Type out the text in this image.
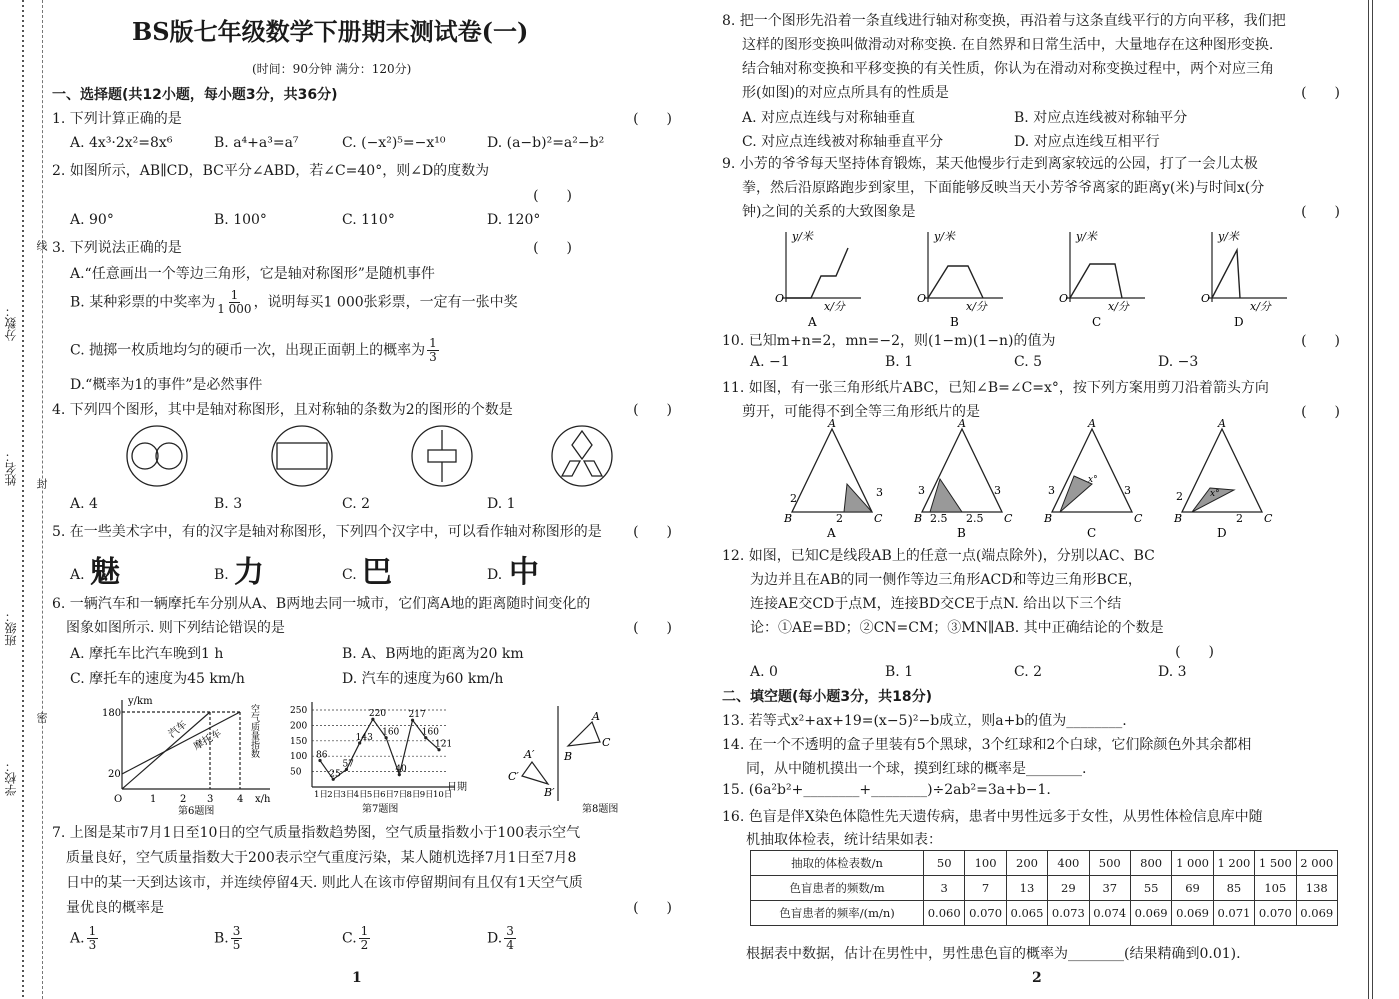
分数：
姓名：
班级：
学校：
线
封
密
BS版七年级数学下册期末测试卷(一)
(时间：90分钟 满分：120分)
一、选择题(共12小题，每小题3分，共36分)
1. 下列计算正确的是	(　　)
A. 4x³·2x²=8x⁶	B. a⁴+a³=a⁷	C. (−x²)⁵=−x¹⁰	D. (a−b)²=a²−b²
2. 如图所示，AB∥CD，BC平分∠ABD，若∠C=40°，则∠D的度数为
(　　)
A. 90°	B. 100°	C. 110°	D. 120°
3. 下列说法正确的是	(　　)
A.“任意画出一个等边三角形，它是轴对称图形”是随机事件
B. 某种彩票的中奖率为 $\frac{1}{1 000}$ ，说明每买1 000张彩票，一定有一张中奖
C. 抛掷一枚质地均匀的硬币一次，出现正面朝上的概率为 $\frac{1}{3}$
D.“概率为1的事件”是必然事件
4. 下列四个图形，其中是轴对称图形，且对称轴的条数为2的图形的个数是	(　　)
A. 4	B. 3	C. 2	D. 1
5. 在一些美术字中，有的汉字是轴对称图形，下列四个汉字中，可以看作轴对称图形的是 (　　)
A. 魅	B. 力	C. 巴	D. 中
6. 一辆汽车和一辆摩托车分别从A、B两地去同一城市，它们离A地的距离随时间变化的
图象如图所示. 则下列结论错误的是	(　　)
A. 摩托车比汽车晚到1 h	B. A、B两地的距离为20 km
C. 摩托车的速度为45 km/h	D. 汽车的速度为60 km/h
y/km
x/h
180
20
O	1 2 3 4
汽车 摩托车
第6题图
空气质量指数
日期
第7题图
250
200
150
100
50
1日 2日 3日 4日 5日 6日 7日 8日 9日 10日
86
25
57
143
220
160
40
217
160
121
A
B
C
A′
B′
C′
第8题图
7. 上图是某市7月1日至10日的空气质量指数趋势图，空气质量指数小于100表示空气
质量良好，空气质量指数大于200表示空气重度污染，某人随机选择7月1日至7月8
日中的某一天到达该市，并连续停留4天. 则此人在该市停留期间有且仅有1天空气质
量优良的概率是	(　　)
A. $\frac{1}{3}$	B. $\frac{3}{5}$	C. $\frac{1}{2}$	D. $\frac{3}{4}$
1
8. 把一个图形先沿着一条直线进行轴对称变换，再沿着与这条直线平行的方向平移，我们把
这样的图形变换叫做滑动对称变换. 在自然界和日常生活中，大量地存在这种图形变换.
结合轴对称变换和平移变换的有关性质，你认为在滑动对称变换过程中，两个对应三角
形(如图)的对应点所具有的性质是	(　　)
A. 对应点连线与对称轴垂直	B. 对应点连线被对称轴平分
C. 对应点连线被对称轴垂直平分	D. 对应点连线互相平行
9. 小芳的爷爷每天坚持体育锻炼，某天他慢步行走到离家较远的公园，打了一会儿太极
拳，然后沿原路跑步到家里，下面能够反映当天小芳爷爷离家的距离y(米)与时间x(分
钟)之间的关系的大致图象是	(　　)
y/米
x/分
O
A
y/米
x/分
O
B
y/米
x/分
O
C
y/米
x/分
O
D
10. 已知m+n=2，mn=−2，则(1−m)(1−n)的值为	(　　)
A. −1	B. 1	C. 5	D. −3
11. 如图，有一张三角形纸片ABC，已知∠B=∠C=x°，按下列方案用剪刀沿着箭头方向
剪开，可能得不到全等三角形纸片的是	(　　)
A
B	C
2	3
2
A
A
B	C
3	3
2.5 2.5
B
A
B	C
3	3
x°
C
A
B	C
2
2
x°
D
12. 如图，已知C是线段AB上的任意一点(端点除外)，分别以AC、BC
为边并且在AB的同一侧作等边三角形ACD和等边三角形BCE，
连接AE交CD于点M，连接BD交CE于点N. 给出以下三个结
论：①AE=BD；②CN=CM；③MN∥AB. 其中正确结论的个数是
(　　)
A. 0	B. 1	C. 2	D. 3
二、填空题(每小题3分，共18分)
13. 若等式x²+ax+19=(x−5)²−b成立，则a+b的值为________.
14. 在一个不透明的盒子里装有5个黑球，3个红球和2个白球，它们除颜色外其余都相
同，从中随机摸出一个球，摸到红球的概率是________.
15. (6a²b²+________+________)÷2ab²=3a+b−1.
16. 色盲是伴X染色体隐性先天遗传病，患者中男性远多于女性，从男性体检信息库中随
机抽取体检表，统计结果如表：
根据表中数据，估计在男性中，男性患色盲的概率为________(结果精确到0.01).
2
抽取的体检表数/n	50	100	200	400	500	800	1 000	1 200	1 500	2 000
色盲患者的频数/m	3	7	13	29	37	55	69	85	105	138
色盲患者的频率/(m/n)	0.060	0.070	0.065	0.073	0.074	0.069	0.069	0.071	0.070	0.069
